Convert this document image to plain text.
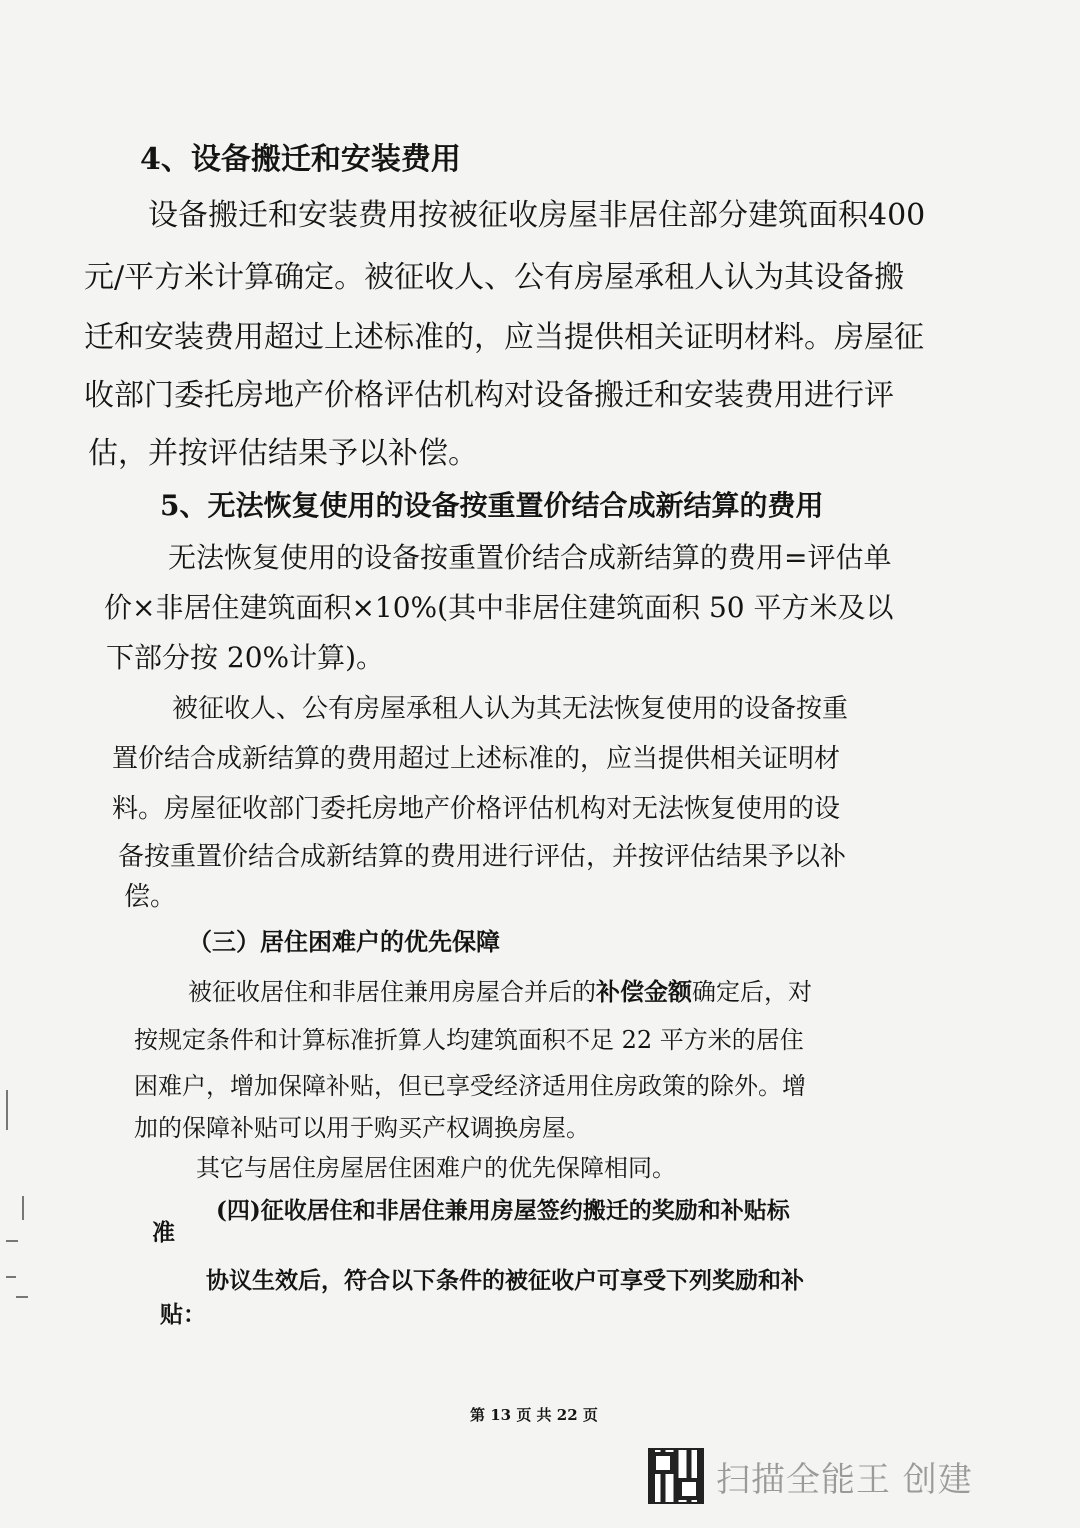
4、设备搬迁和安装费用
设备搬迁和安装费用按被征收房屋非居住部分建筑面积400
元/平方米计算确定。被征收人、公有房屋承租人认为其设备搬
迁和安装费用超过上述标准的，应当提供相关证明材料。房屋征
收部门委托房地产价格评估机构对设备搬迁和安装费用进行评
估，并按评估结果予以补偿。
5、无法恢复使用的设备按重置价结合成新结算的费用
无法恢复使用的设备按重置价结合成新结算的费用=评估单
价×非居住建筑面积×10%(其中非居住建筑面积 50 平方米及以
下部分按 20%计算)。
被征收人、公有房屋承租人认为其无法恢复使用的设备按重
置价结合成新结算的费用超过上述标准的，应当提供相关证明材
料。房屋征收部门委托房地产价格评估机构对无法恢复使用的设
备按重置价结合成新结算的费用进行评估，并按评估结果予以补
偿。
（三）居住困难户的优先保障
被征收居住和非居住兼用房屋合并后的补偿金额确定后，对
按规定条件和计算标准折算人均建筑面积不足 22 平方米的居住
困难户，增加保障补贴，但已享受经济适用住房政策的除外。增
加的保障补贴可以用于购买产权调换房屋。
其它与居住房屋居住困难户的优先保障相同。
(四)征收居住和非居住兼用房屋签约搬迁的奖励和补贴标
准
协议生效后，符合以下条件的被征收户可享受下列奖励和补
贴：
第 13 页 共 22 页
扫描全能王 创建
